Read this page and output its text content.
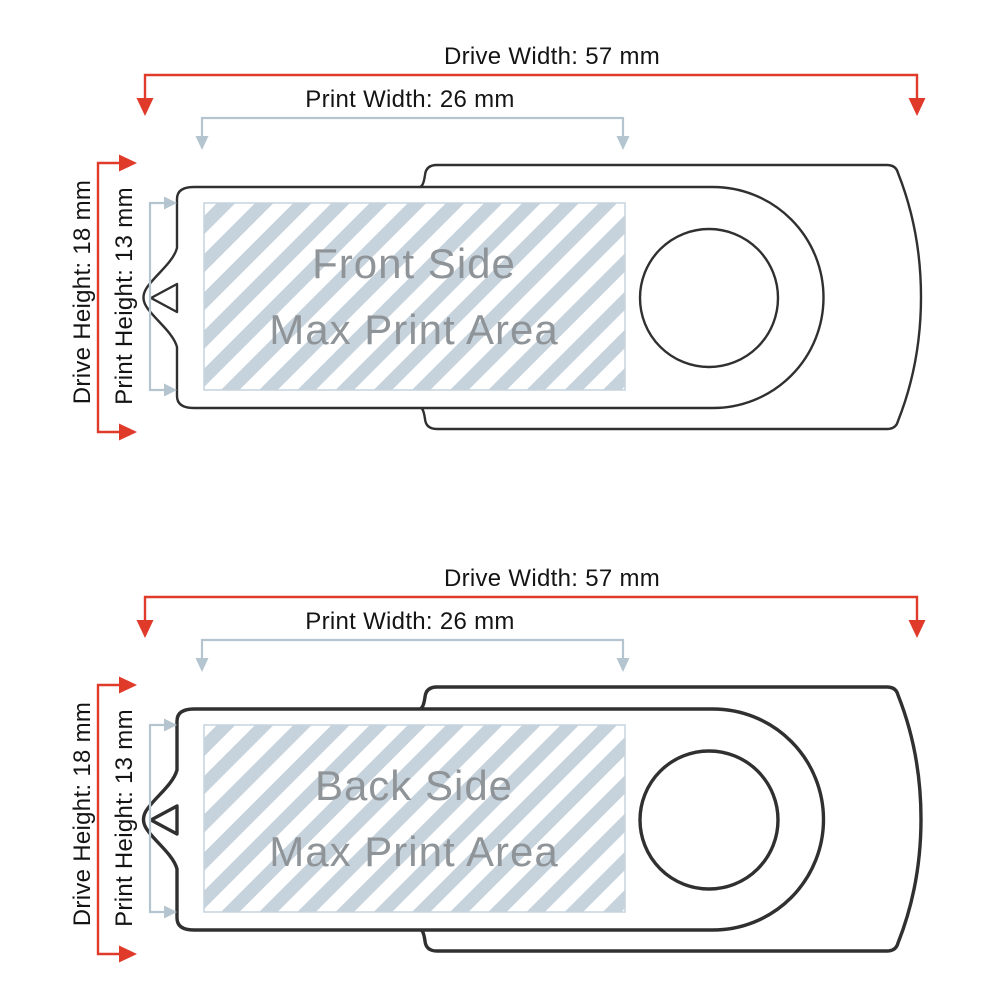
Front Side
Max Print Area
Drive Width: 57 mm
Print Width: 26 mm
Drive Height: 18 mm Print Height: 13 mm
Back Side
Max Print Area
Drive Width: 57 mm
Print Width: 26 mm
Drive Height: 18 mm Print Height: 13 mm
